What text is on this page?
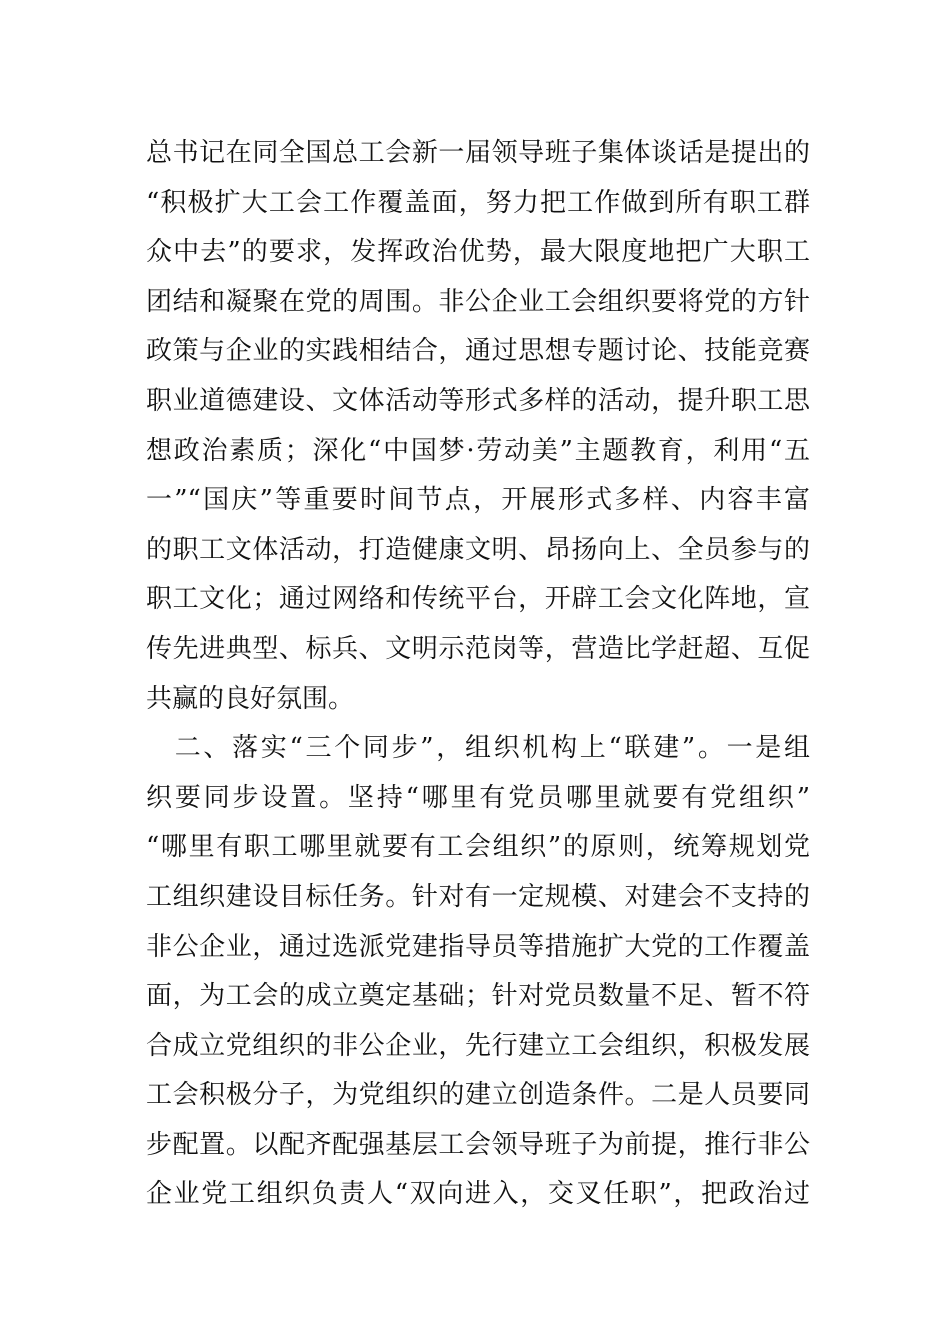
总书记在同全国总工会新一届领导班子集体谈话是提出的
“积极扩大工会工作覆盖面，努力把工作做到所有职工群
众中去”的要求，发挥政治优势，最大限度地把广大职工
团结和凝聚在党的周围。非公企业工会组织要将党的方针
政策与企业的实践相结合，通过思想专题讨论、技能竞赛
职业道德建设、文体活动等形式多样的活动，提升职工思
想政治素质；深化“中国梦·劳动美”主题教育，利用“五
一”“国庆”等重要时间节点，开展形式多样、内容丰富
的职工文体活动，打造健康文明、昂扬向上、全员参与的
职工文化；通过网络和传统平台，开辟工会文化阵地，宣
传先进典型、标兵、文明示范岗等，营造比学赶超、互促
共赢的良好氛围。
　二、落实“三个同步”，组织机构上“联建”。一是组
织要同步设置。坚持“哪里有党员哪里就要有党组织”
“哪里有职工哪里就要有工会组织”的原则，统筹规划党
工组织建设目标任务。针对有一定规模、对建会不支持的
非公企业，通过选派党建指导员等措施扩大党的工作覆盖
面，为工会的成立奠定基础；针对党员数量不足、暂不符
合成立党组织的非公企业，先行建立工会组织，积极发展
工会积极分子，为党组织的建立创造条件。二是人员要同
步配置。以配齐配强基层工会领导班子为前提，推行非公
企业党工组织负责人“双向进入，交叉任职”，把政治过
